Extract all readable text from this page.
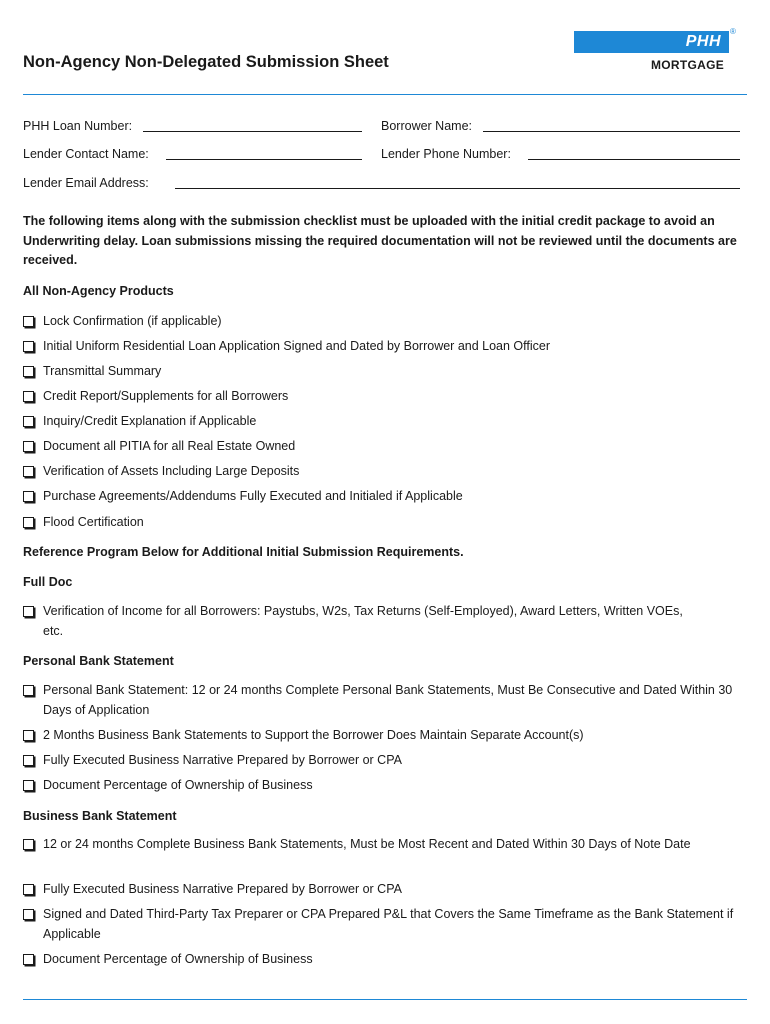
Non-Agency Non-Delegated Submission Sheet
PHH
®
MORTGAGE
PHH Loan Number:	Borrower Name:
Lender Contact Name:	Lender Phone Number:
Lender Email Address:
The following items along with the submission checklist must be uploaded with the initial credit package to avoid an Underwriting delay. Loan submissions missing the required documentation will not be reviewed until the documents are received.
All Non-Agency Products
Lock Confirmation (if applicable)
Initial Uniform Residential Loan Application Signed and Dated by Borrower and Loan Officer
Transmittal Summary
Credit Report/Supplements for all Borrowers
Inquiry/Credit Explanation if Applicable
Document all PITIA for all Real Estate Owned
Verification of Assets Including Large Deposits
Purchase Agreements/Addendums Fully Executed and Initialed if Applicable
Flood Certification
Reference Program Below for Additional Initial Submission Requirements.
Full Doc
Verification of Income for all Borrowers: Paystubs, W2s, Tax Returns (Self-Employed), Award Letters, Written VOEs, etc.
Personal Bank Statement
Personal Bank Statement: 12 or 24 months Complete Personal Bank Statements, Must Be Consecutive and Dated Within 30 Days of Application
2 Months Business Bank Statements to Support the Borrower Does Maintain Separate Account(s)
Fully Executed Business Narrative Prepared by Borrower or CPA
Document Percentage of Ownership of Business
Business Bank Statement
12 or 24 months Complete Business Bank Statements, Must be Most Recent and Dated Within 30 Days of Note Date
Fully Executed Business Narrative Prepared by Borrower or CPA
Signed and Dated Third-Party Tax Preparer or CPA Prepared P&L that Covers the Same Timeframe as the Bank Statement if Applicable
Document Percentage of Ownership of Business
